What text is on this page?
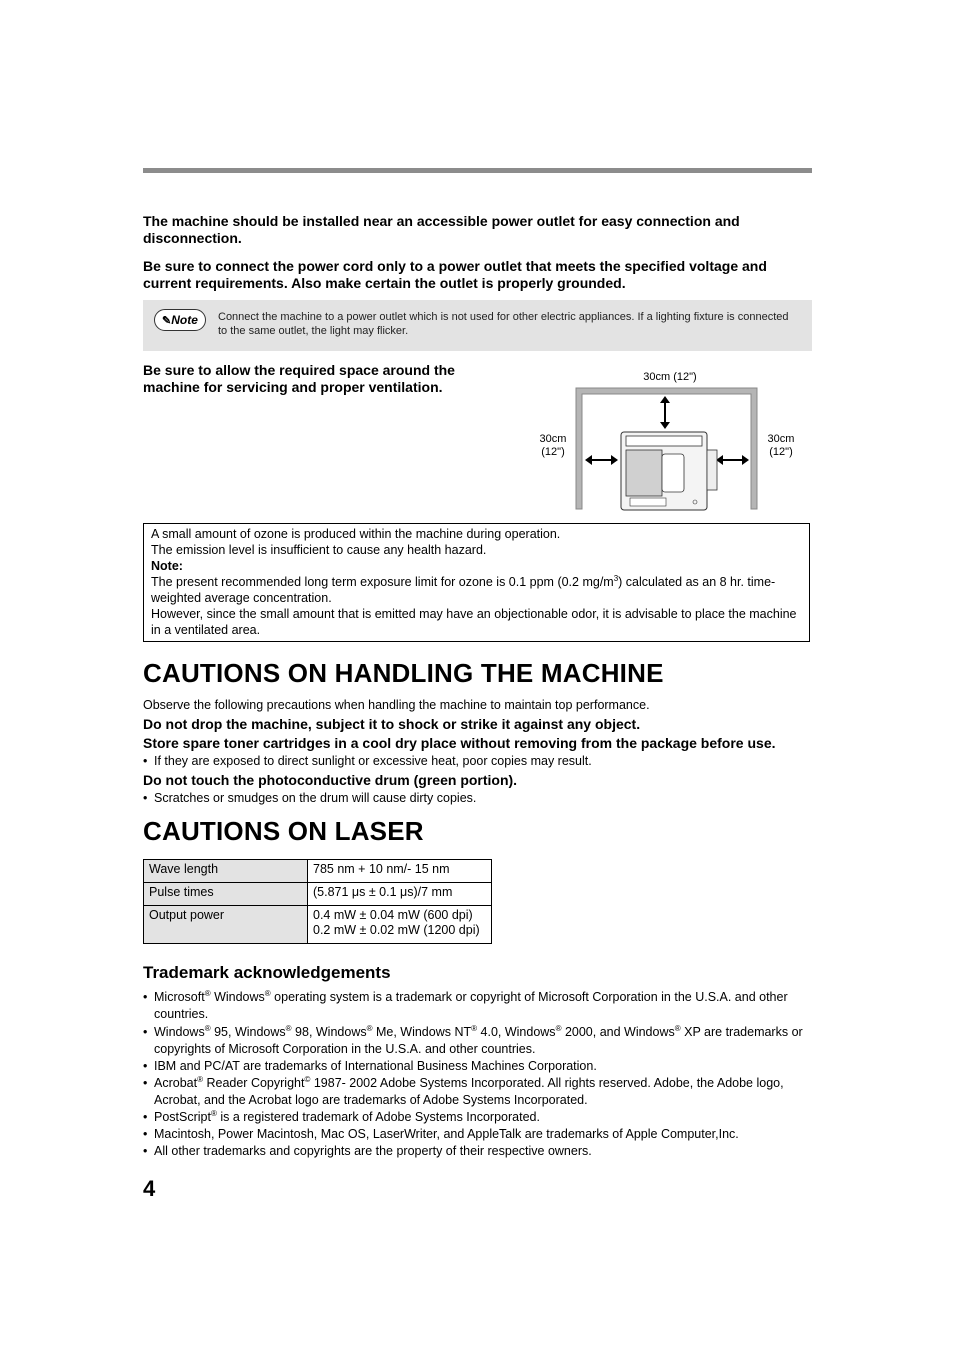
The machine should be installed near an accessible power outlet for easy connection and disconnection.
Be sure to connect the power cord only to a power outlet that meets the specified voltage and current requirements. Also make certain the outlet is properly grounded.
✎Note	Connect the machine to a power outlet which is not used for other electric appliances. If a lighting fixture is connected to the same outlet, the light may flicker.
Be sure to allow the required space around the machine for servicing and proper ventilation.
30cm (12")
30cm
(12")
30cm
(12")
A small amount of ozone is produced within the machine during operation.
The emission level is insufficient to cause any health hazard.
Note:
The present recommended long term exposure limit for ozone is 0.1 ppm (0.2 $mg/m^3$) calculated as an 8 hr. time-weighted average concentration.
However, since the small amount that is emitted may have an objectionable odor, it is advisable to place the machine in a ventilated area.
CAUTIONS ON HANDLING THE MACHINE
Observe the following precautions when handling the machine to maintain top performance.
Do not drop the machine, subject it to shock or strike it against any object.
Store spare toner cartridges in a cool dry place without removing from the package before use.
• If they are exposed to direct sunlight or excessive heat, poor copies may result.
Do not touch the photoconductive drum (green portion).
• Scratches or smudges on the drum will cause dirty copies.
CAUTIONS ON LASER
Wave length	785 nm + 10 nm/- 15 nm
Pulse times	(5.871 μs ± 0.1 μs)/7 mm
Output power	0.4 mW ± 0.04 mW (600 dpi)
0.2 mW ± 0.02 mW (1200 dpi)
Trademark acknowledgements
• Microsoft® Windows® operating system is a trademark or copyright of Microsoft Corporation in the U.S.A. and other countries.
• Windows® 95, Windows® 98, Windows® Me, Windows NT® 4.0, Windows® 2000, and Windows® XP are trademarks or copyrights of Microsoft Corporation in the U.S.A. and other countries.
• IBM and PC/AT are trademarks of International Business Machines Corporation.
• Acrobat® Reader Copyright© 1987- 2002 Adobe Systems Incorporated. All rights reserved. Adobe, the Adobe logo, Acrobat, and the Acrobat logo are trademarks of Adobe Systems Incorporated.
• PostScript® is a registered trademark of Adobe Systems Incorporated.
• Macintosh, Power Macintosh, Mac OS, LaserWriter, and AppleTalk are trademarks of Apple Computer,Inc.
• All other trademarks and copyrights are the property of their respective owners.
4
